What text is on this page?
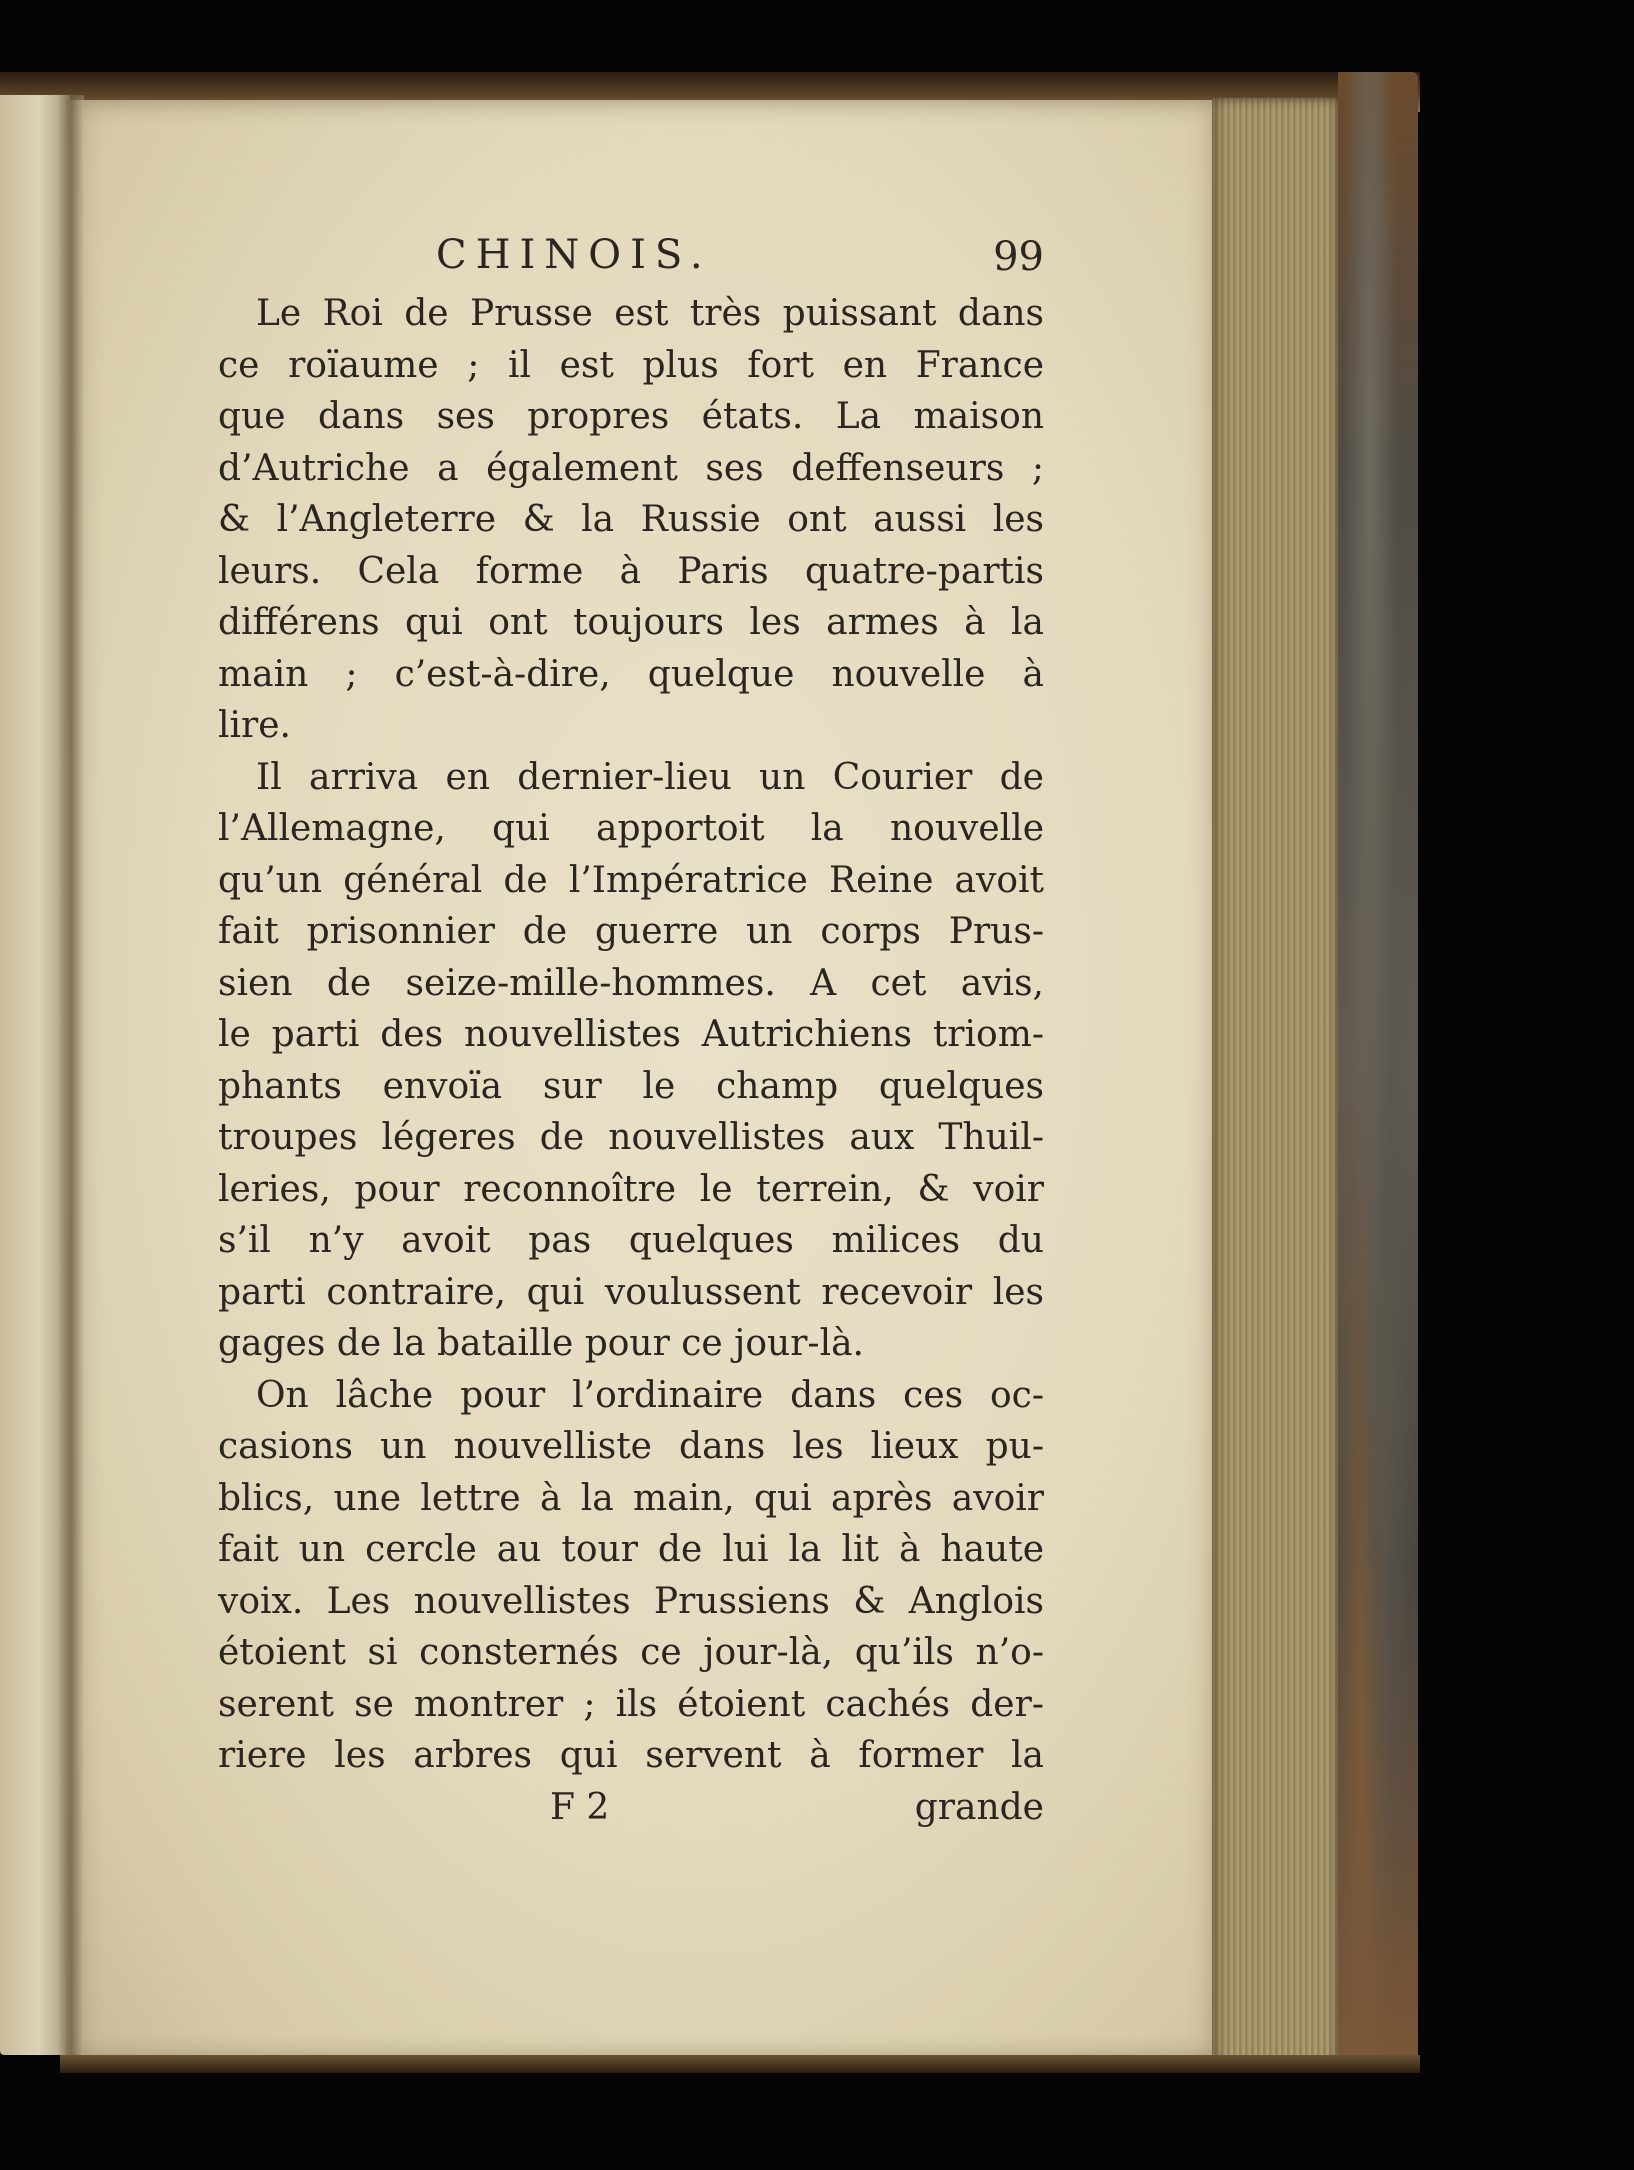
CHINOIS.	99
Le Roi de Prusse est très puissant dans
ce roïaume ; il est plus fort en France
que dans ses propres états. La maison
d’Autriche a également ses deffenseurs ;
& l’Angleterre & la Russie ont aussi les
leurs. Cela forme à Paris quatre-partis
différens qui ont toujours les armes à la
main ; c’est-à-dire, quelque nouvelle à
lire.
Il arriva en dernier-lieu un Courier de
l’Allemagne, qui apportoit la nouvelle
qu’un général de l’Impératrice Reine avoit
fait prisonnier de guerre un corps Prus-
sien de seize-mille-hommes. A cet avis,
le parti des nouvellistes Autrichiens triom-
phants envoïa sur le champ quelques
troupes légeres de nouvellistes aux Thuil-
leries, pour reconnoître le terrein, & voir
s’il n’y avoit pas quelques milices du
parti contraire, qui voulussent recevoir les
gages de la bataille pour ce jour-là.
On lâche pour l’ordinaire dans ces oc-
casions un nouvelliste dans les lieux pu-
blics, une lettre à la main, qui après avoir
fait un cercle au tour de lui la lit à haute
voix. Les nouvellistes Prussiens & Anglois
étoient si consternés ce jour-là, qu’ils n’o-
serent se montrer ; ils étoient cachés der-
riere les arbres qui servent à former la
F 2	grande
